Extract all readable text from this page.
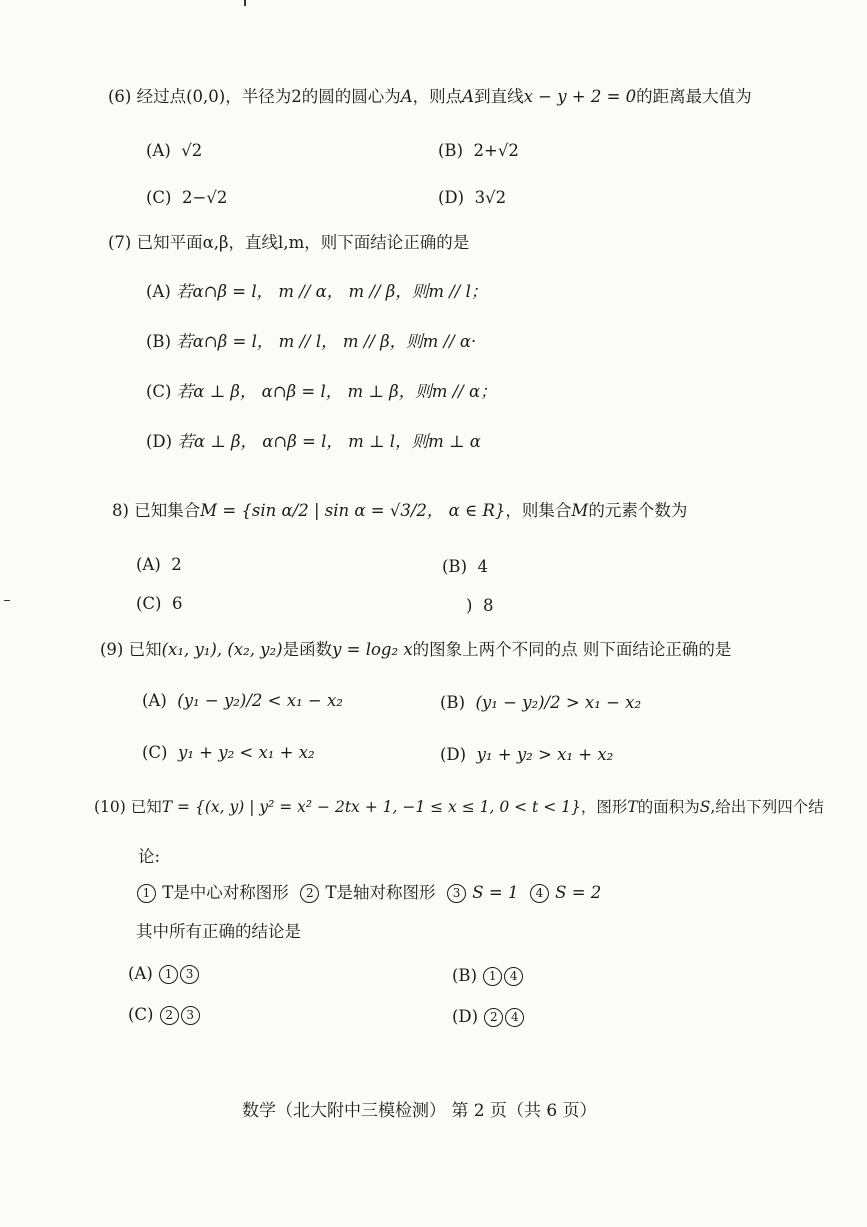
(6) 经过点(0,0)，半径为2的圆的圆心为A，则点A到直线x − y + 2 = 0的距离最大值为
(A) √2	(B) 2+√2
(C) 2−√2	(D) 3√2
(7) 已知平面α,β，直线l,m，则下面结论正确的是
(A) 若α∩β = l， m // α， m // β，则m // l；
(B) 若α∩β = l， m // l， m // β，则m // α·
(C) 若α ⊥ β， α∩β = l， m ⊥ β，则m // α；
(D) 若α ⊥ β， α∩β = l， m ⊥ l，则m ⊥ α
8) 已知集合M = {sin α/2 | sin α = √3/2， α ∈ R}，则集合M的元素个数为
(A) 2	(B) 4
(C) 6	) 8
(9) 已知(x₁, y₁), (x₂, y₂)是函数y = log₂ x的图象上两个不同的点 则下面结论正确的是
(A) (y₁ − y₂)/2 < x₁ − x₂	(B) (y₁ − y₂)/2 > x₁ − x₂
(C) y₁ + y₂ < x₁ + x₂	(D) y₁ + y₂ > x₁ + x₂
(10) 已知T = {(x, y) | y² = x² − 2tx + 1, −1 ≤ x ≤ 1, 0 < t < 1}，图形T的面积为S,给出下列四个结
论:
1 T是中心对称图形 2 T是轴对称图形 3 S = 1 4 S = 2
其中所有正确的结论是
(A) 1 3	(B) 1 4
(C) 2 3	(D) 2 4
数学（北大附中三模检测） 第 2 页（共 6 页）
